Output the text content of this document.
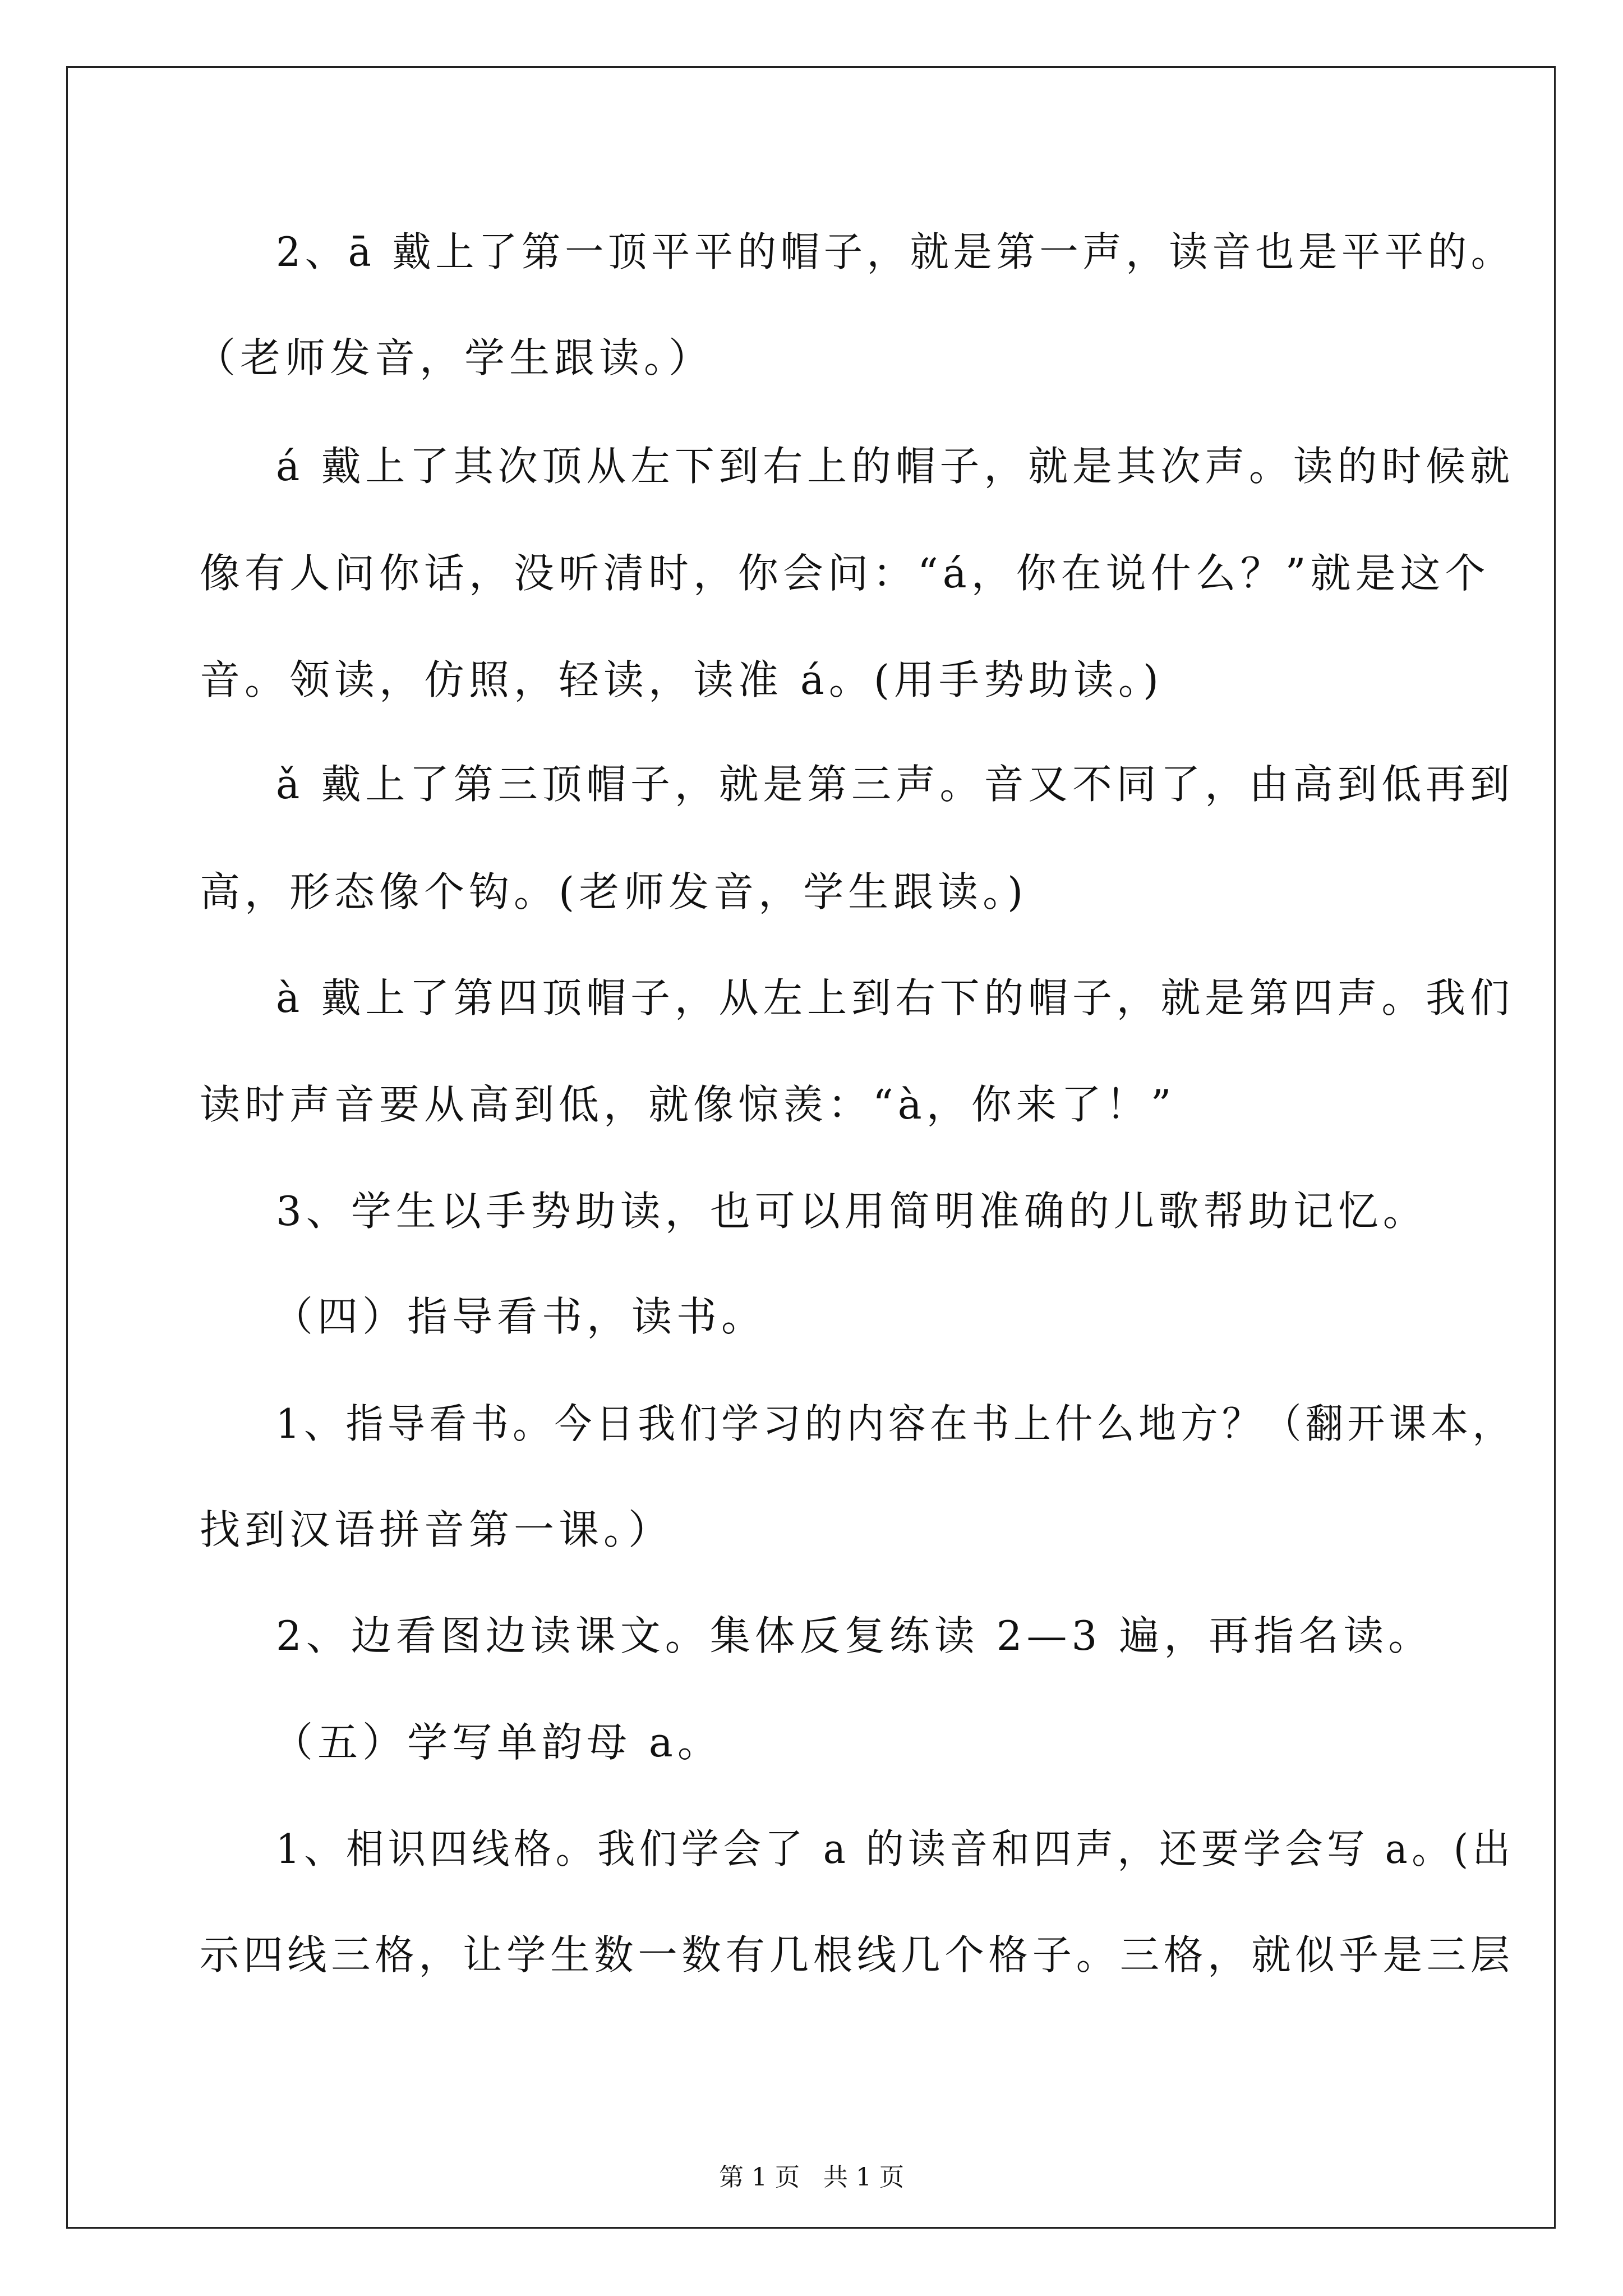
2、ā 戴上了第一顶平平的帽子，就是第一声，读音也是平平的。
（老师发音，学生跟读。）
á 戴上了其次顶从左下到右上的帽子，就是其次声。读的时候就
像有人问你话，没听清时，你会问：“á，你在说什么？”就是这个
音。领读，仿照，轻读，读准 á。(用手势助读。)
ǎ 戴上了第三顶帽子，就是第三声。音又不同了，由高到低再到
高，形态像个钩。(老师发音，学生跟读。)
à 戴上了第四顶帽子，从左上到右下的帽子，就是第四声。我们
读时声音要从高到低，就像惊羡：“à，你来了！”
3、学生以手势助读，也可以用简明准确的儿歌帮助记忆。
（四）指导看书，读书。
1、指导看书。今日我们学习的内容在书上什么地方？（翻开课本，
找到汉语拼音第一课。）
2、边看图边读课文。集体反复练读 2—3 遍，再指名读。
（五）学写单韵母 a。
1、相识四线格。我们学会了 a 的读音和四声，还要学会写 a。(出
示四线三格，让学生数一数有几根线几个格子。三格，就似乎是三层
第 1 页 共 1 页
